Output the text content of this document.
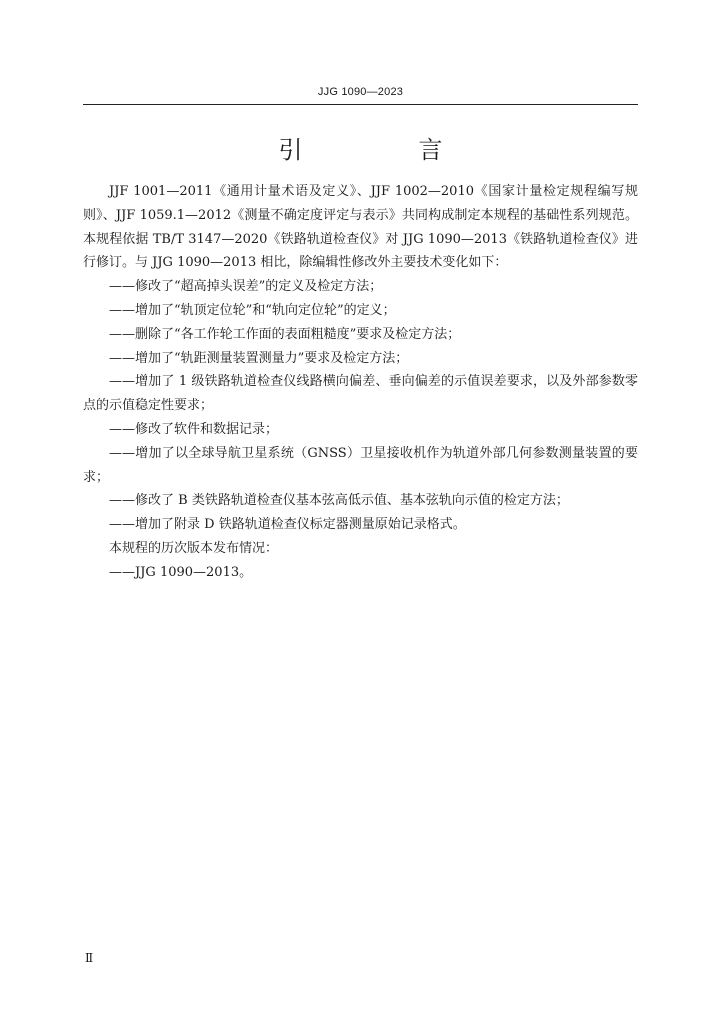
JJG 1090—2023
引　言

JJF 1001—2011《通用计量术语及定义》、JJF 1002—2010《国家计量检定规程编写规则》、JJF 1059.1—2012《测量不确定度评定与表示》共同构成制定本规程的基础性系列规范。本规程依据 TB/T 3147—2020《铁路轨道检查仪》对 JJG 1090—2013《铁路轨道检查仪》进行修订。与 JJG 1090—2013 相比，除编辑性修改外主要技术变化如下：

——修改了“超高掉头误差”的定义及检定方法；

——增加了“轨顶定位轮”和“轨向定位轮”的定义；

——删除了“各工作轮工作面的表面粗糙度”要求及检定方法；

——增加了“轨距测量装置测量力”要求及检定方法；

——增加了 1 级铁路轨道检查仪线路横向偏差、垂向偏差的示值误差要求，以及外部参数零点的示值稳定性要求；

——修改了软件和数据记录；

——增加了以全球导航卫星系统（GNSS）卫星接收机作为轨道外部几何参数测量装置的要求；

——修改了 B 类铁路轨道检查仪基本弦高低示值、基本弦轨向示值的检定方法；

——增加了附录 D 铁路轨道检查仪标定器测量原始记录格式。

本规程的历次版本发布情况：

——JJG 1090—2013。

Ⅱ
